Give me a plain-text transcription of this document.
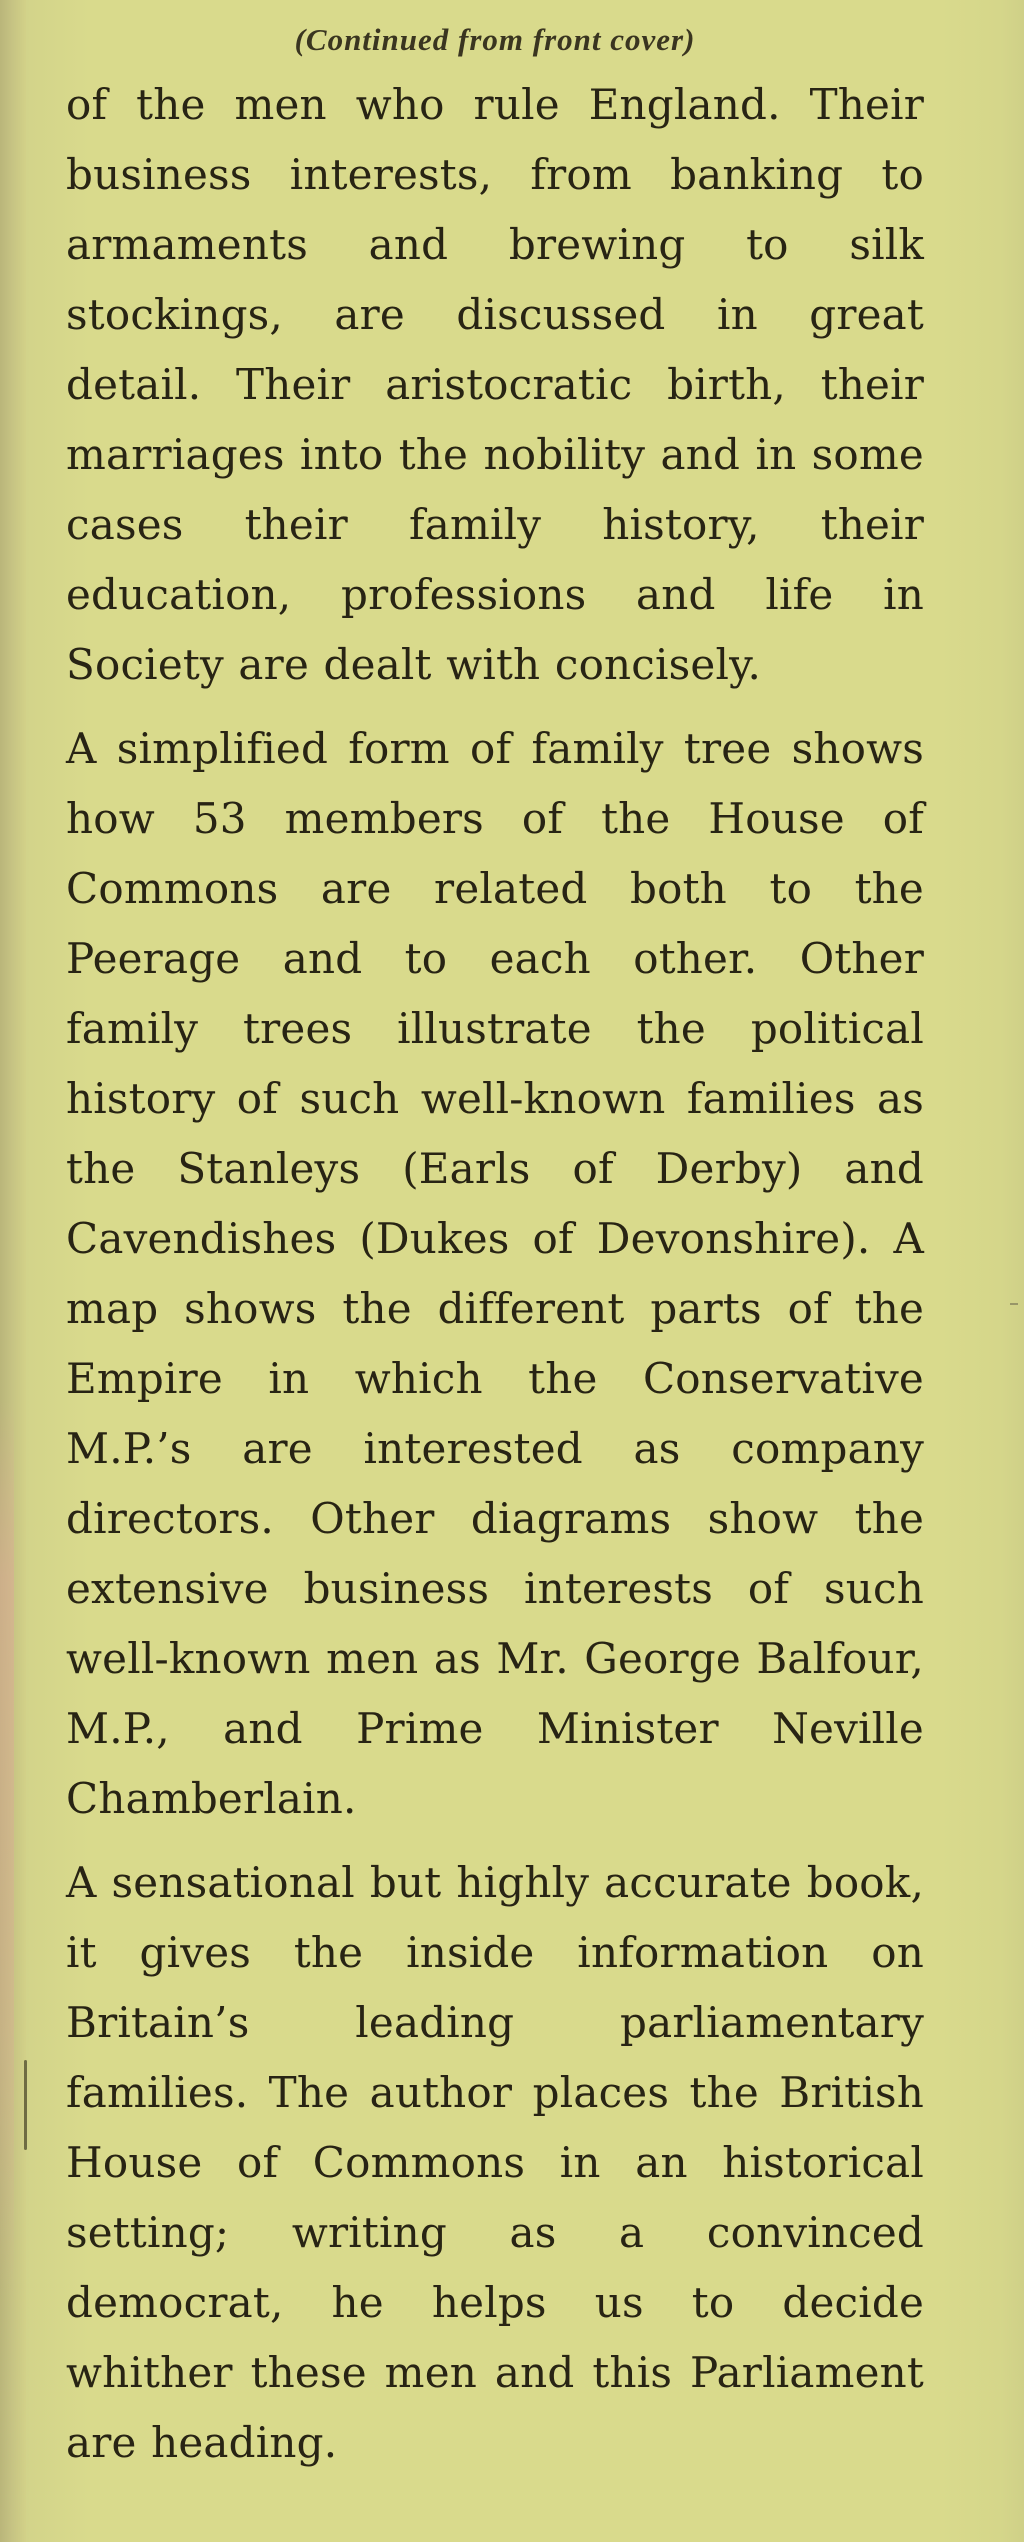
(Continued from front cover)

of the men who rule England. Their business interests, from banking to armaments and brewing to silk stockings, are discussed in great detail. Their aristocratic birth, their marriages into the nobility and in some cases their family history, their education, professions and life in Society are dealt with concisely.

A simplified form of family tree shows how 53 members of the House of Commons are related both to the Peerage and to each other. Other family trees illustrate the political history of such well-known families as the Stanleys (Earls of Derby) and Cavendishes (Dukes of Devonshire). A map shows the different parts of the Empire in which the Conservative M.P.’s are interested as company directors. Other diagrams show the extensive business interests of such well-known men as Mr. George Balfour, M.P., and Prime Minister Neville Chamberlain.

A sensational but highly accurate book, it gives the inside information on Britain’s leading parliamentary families. The author places the British House of Commons in an historical setting; writing as a convinced democrat, he helps us to decide whither these men and this Parliament are heading.
